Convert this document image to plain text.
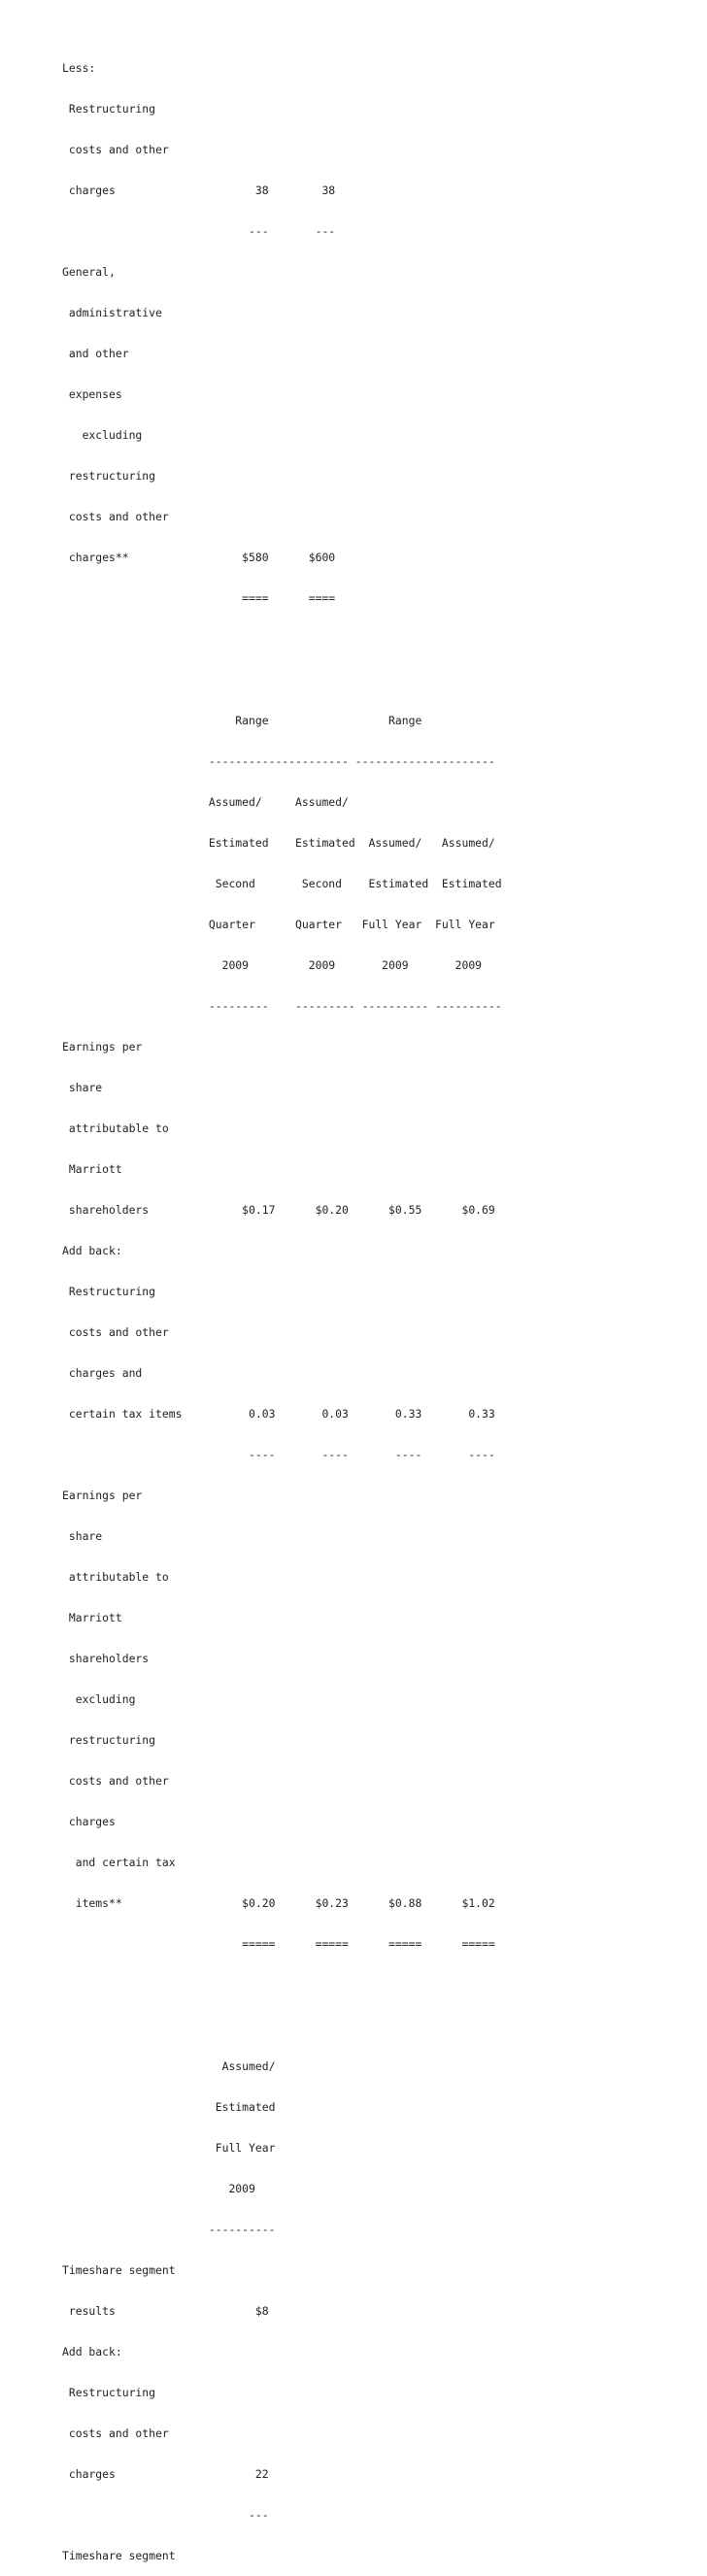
Less:

Restructuring

costs and other

charges                     38        38

---       ---

General,

administrative

and other

expenses

excluding

restructuring

costs and other

charges**                 $580      $600

====      ====

Range                  Range

--------------------- ---------------------

Assumed/     Assumed/

Estimated    Estimated  Assumed/   Assumed/

Second       Second    Estimated  Estimated

Quarter      Quarter   Full Year  Full Year

2009         2009       2009       2009

---------    --------- ---------- ----------

Earnings per

share

attributable to

Marriott

shareholders              $0.17      $0.20      $0.55      $0.69

Add back:

Restructuring

costs and other

charges and

certain tax items          0.03       0.03       0.33       0.33

----       ----       ----       ----

Earnings per

share

attributable to

Marriott

shareholders

excluding

restructuring

costs and other

charges

and certain tax

items**                  $0.20      $0.23      $0.88      $1.02

=====      =====      =====      =====

Assumed/

Estimated

Full Year

2009

----------

Timeshare segment

results                     $8

Add back:

Restructuring

costs and other

charges                     22

---

Timeshare segment
